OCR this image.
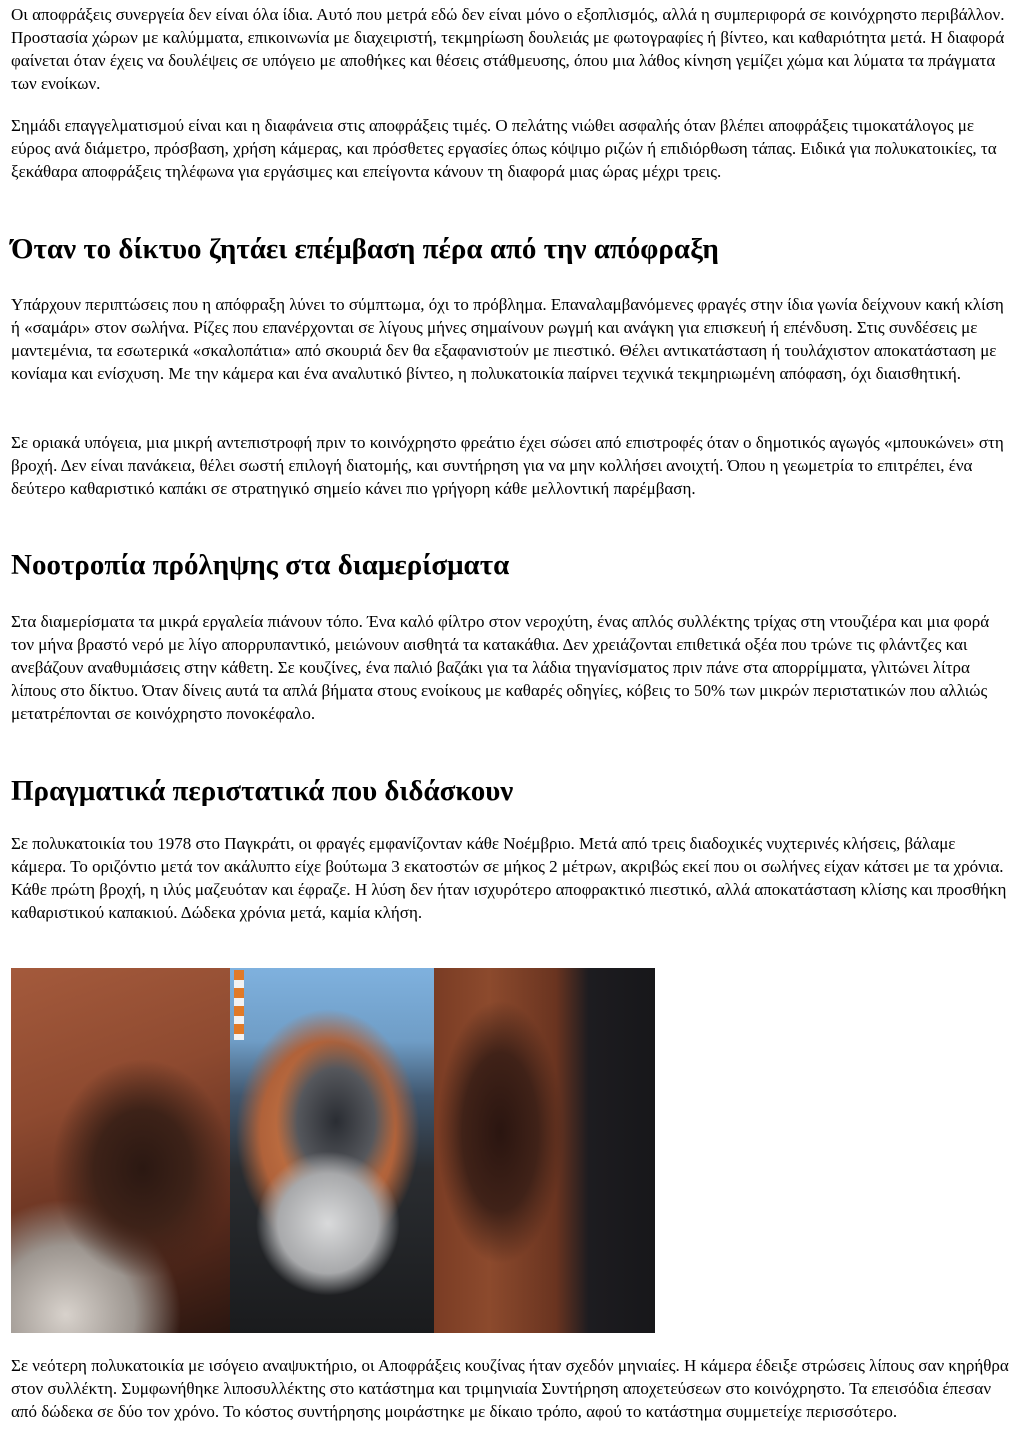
Οι αποφράξεις συνεργεία δεν είναι όλα ίδια. Αυτό που μετρά εδώ δεν είναι μόνο ο εξοπλισμός, αλλά η συμπεριφορά σε κοινόχρηστο περιβάλλον. Προστασία χώρων με καλύμματα, επικοινωνία με διαχειριστή, τεκμηρίωση δουλειάς με φωτογραφίες ή βίντεο, και καθαριότητα μετά. Η διαφορά φαίνεται όταν έχεις να δουλέψεις σε υπόγειο με αποθήκες και θέσεις στάθμευσης, όπου μια λάθος κίνηση γεμίζει χώμα και λύματα τα πράγματα των ενοίκων.

Σημάδι επαγγελματισμού είναι και η διαφάνεια στις αποφράξεις τιμές. Ο πελάτης νιώθει ασφαλής όταν βλέπει αποφράξεις τιμοκατάλογος με εύρος ανά διάμετρο, πρόσβαση, χρήση κάμερας, και πρόσθετες εργασίες όπως κόψιμο ριζών ή επιδιόρθωση τάπας. Ειδικά για πολυκατοικίες, τα ξεκάθαρα αποφράξεις τηλέφωνα για εργάσιμες και επείγοντα κάνουν τη διαφορά μιας ώρας μέχρι τρεις.

Όταν το δίκτυο ζητάει επέμβαση πέρα από την απόφραξη

Υπάρχουν περιπτώσεις που η απόφραξη λύνει το σύμπτωμα, όχι το πρόβλημα. Επαναλαμβανόμενες φραγές στην ίδια γωνία δείχνουν κακή κλίση ή «σαμάρι» στον σωλήνα. Ρίζες που επανέρχονται σε λίγους μήνες σημαίνουν ρωγμή και ανάγκη για επισκευή ή επένδυση. Στις συνδέσεις με μαντεμένια, τα εσωτερικά «σκαλοπάτια» από σκουριά δεν θα εξαφανιστούν με πιεστικό. Θέλει αντικατάσταση ή τουλάχιστον αποκατάσταση με κονίαμα και ενίσχυση. Με την κάμερα και ένα αναλυτικό βίντεο, η πολυκατοικία παίρνει τεχνικά τεκμηριωμένη απόφαση, όχι διαισθητική.

Σε οριακά υπόγεια, μια μικρή αντεπιστροφή πριν το κοινόχρηστο φρεάτιο έχει σώσει από επιστροφές όταν ο δημοτικός αγωγός «μπουκώνει» στη βροχή. Δεν είναι πανάκεια, θέλει σωστή επιλογή διατομής, και συντήρηση για να μην κολλήσει ανοιχτή. Όπου η γεωμετρία το επιτρέπει, ένα δεύτερο καθαριστικό καπάκι σε στρατηγικό σημείο κάνει πιο γρήγορη κάθε μελλοντική παρέμβαση.

Νοοτροπία πρόληψης στα διαμερίσματα

Στα διαμερίσματα τα μικρά εργαλεία πιάνουν τόπο. Ένα καλό φίλτρο στον νεροχύτη, ένας απλός συλλέκτης τρίχας στη ντουζιέρα και μια φορά τον μήνα βραστό νερό με λίγο απορρυπαντικό, μειώνουν αισθητά τα κατακάθια. Δεν χρειάζονται επιθετικά οξέα που τρώνε τις φλάντζες και ανεβάζουν αναθυμιάσεις στην κάθετη. Σε κουζίνες, ένα παλιό βαζάκι για τα λάδια τηγανίσματος πριν πάνε στα απορρίμματα, γλιτώνει λίτρα λίπους στο δίκτυο. Όταν δίνεις αυτά τα απλά βήματα στους ενοίκους με καθαρές οδηγίες, κόβεις το 50% των μικρών περιστατικών που αλλιώς μετατρέπονται σε κοινόχρηστο πονοκέφαλο.

Πραγματικά περιστατικά που διδάσκουν

Σε πολυκατοικία του 1978 στο Παγκράτι, οι φραγές εμφανίζονταν κάθε Νοέμβριο. Μετά από τρεις διαδοχικές νυχτερινές κλήσεις, βάλαμε κάμερα. Το οριζόντιο μετά τον ακάλυπτο είχε βούτωμα 3 εκατοστών σε μήκος 2 μέτρων, ακριβώς εκεί που οι σωλήνες είχαν κάτσει με τα χρόνια. Κάθε πρώτη βροχή, η ιλύς μαζευόταν και έφραζε. Η λύση δεν ήταν ισχυρότερο αποφρακτικό πιεστικό, αλλά αποκατάσταση κλίσης και προσθήκη καθαριστικού καπακιού. Δώδεκα χρόνια μετά, καμία κλήση.

Σε νεότερη πολυκατοικία με ισόγειο αναψυκτήριο, οι Αποφράξεις κουζίνας ήταν σχεδόν μηνιαίες. Η κάμερα έδειξε στρώσεις λίπους σαν κηρήθρα στον συλλέκτη. Συμφωνήθηκε λιποσυλλέκτης στο κατάστημα και τριμηνιαία Συντήρηση αποχετεύσεων στο κοινόχρηστο. Τα επεισόδια έπεσαν από δώδεκα σε δύο τον χρόνο. Το κόστος συντήρησης μοιράστηκε με δίκαιο τρόπο, αφού το κατάστημα συμμετείχε περισσότερο.
